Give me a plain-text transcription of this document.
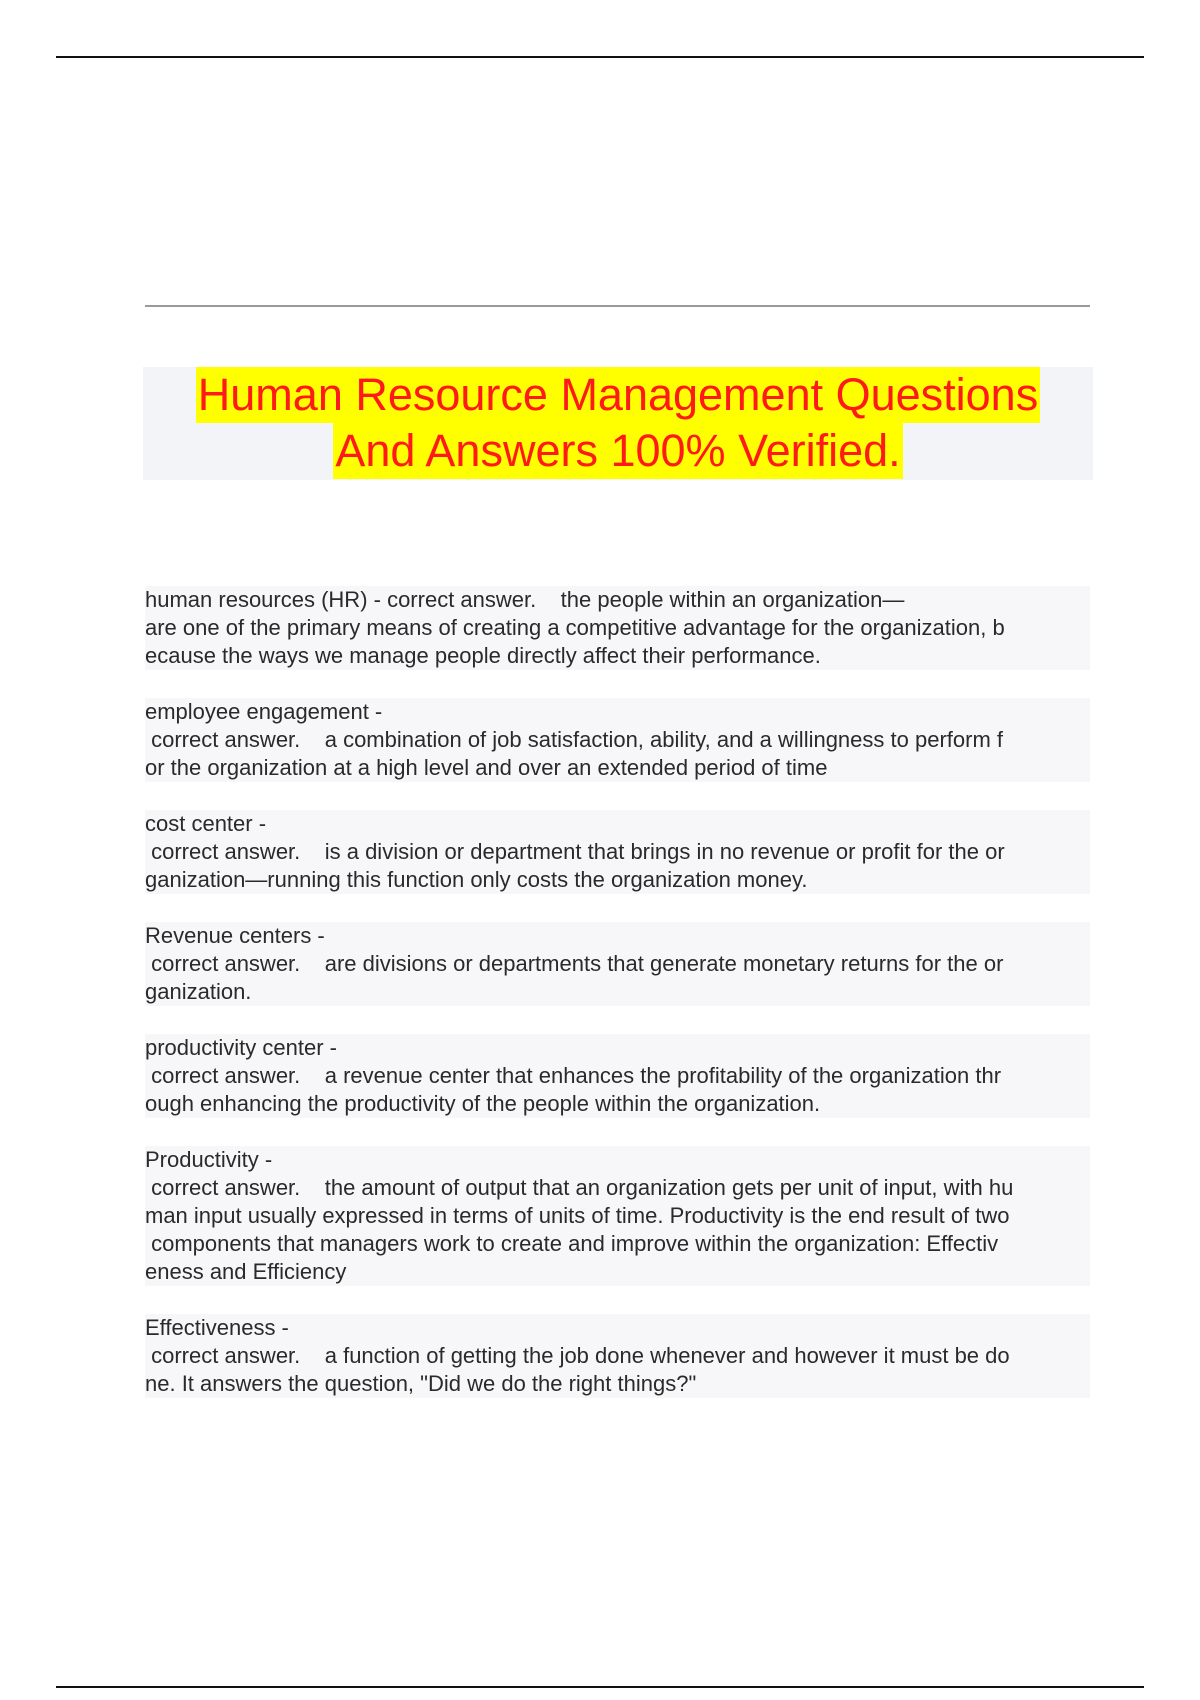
Human Resource Management Questions
And Answers 100% Verified.
human resources (HR) - correct answer.    the people within an organization—
are one of the primary means of creating a competitive advantage for the organization, b
ecause the ways we manage people directly affect their performance.
employee engagement -
correct answer.    a combination of job satisfaction, ability, and a willingness to perform f
or the organization at a high level and over an extended period of time
cost center -
correct answer.    is a division or department that brings in no revenue or profit for the or
ganization—running this function only costs the organization money.
Revenue centers -
correct answer.    are divisions or departments that generate monetary returns for the or
ganization.
productivity center -
correct answer.    a revenue center that enhances the profitability of the organization thr
ough enhancing the productivity of the people within the organization.
Productivity -
correct answer.    the amount of output that an organization gets per unit of input, with hu
man input usually expressed in terms of units of time. Productivity is the end result of two
components that managers work to create and improve within the organization: Effectiv
eness and Efficiency
Effectiveness -
correct answer.    a function of getting the job done whenever and however it must be do
ne. It answers the question, "Did we do the right things?"
